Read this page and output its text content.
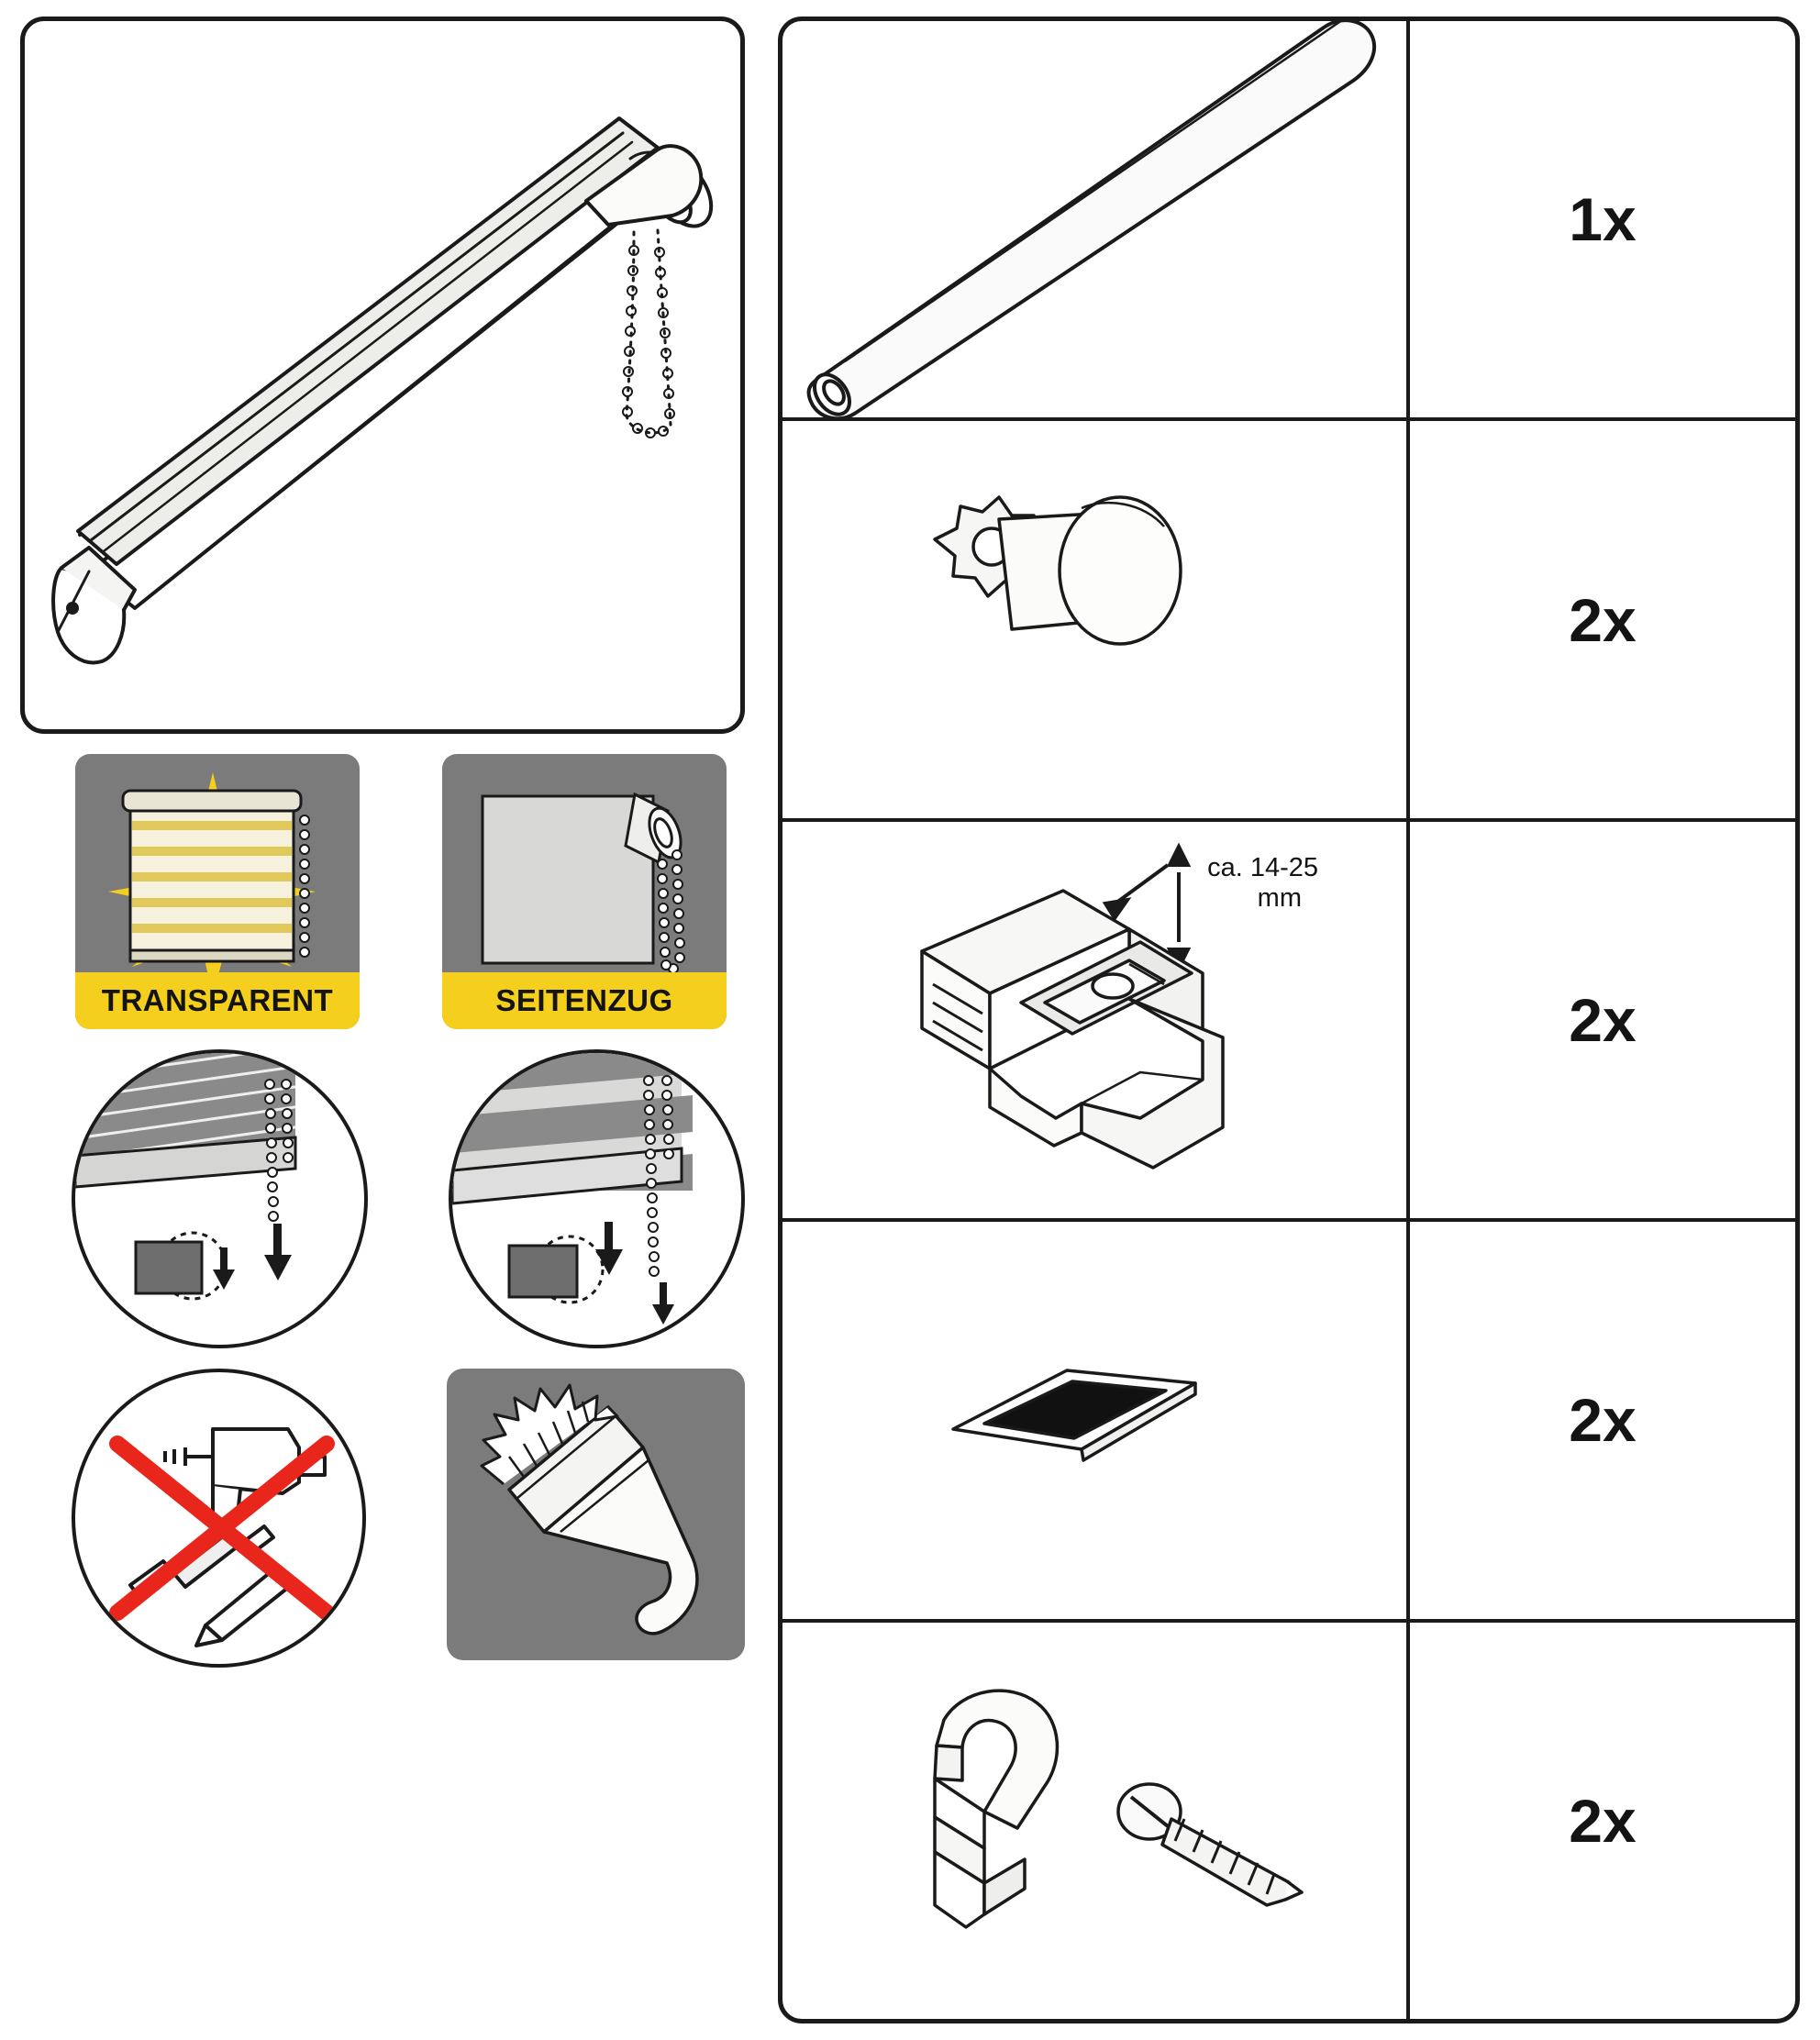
TRANSPARENT	SEITENZUG
1x
2x
ca. 14-25
mm
2x
2x
2x
